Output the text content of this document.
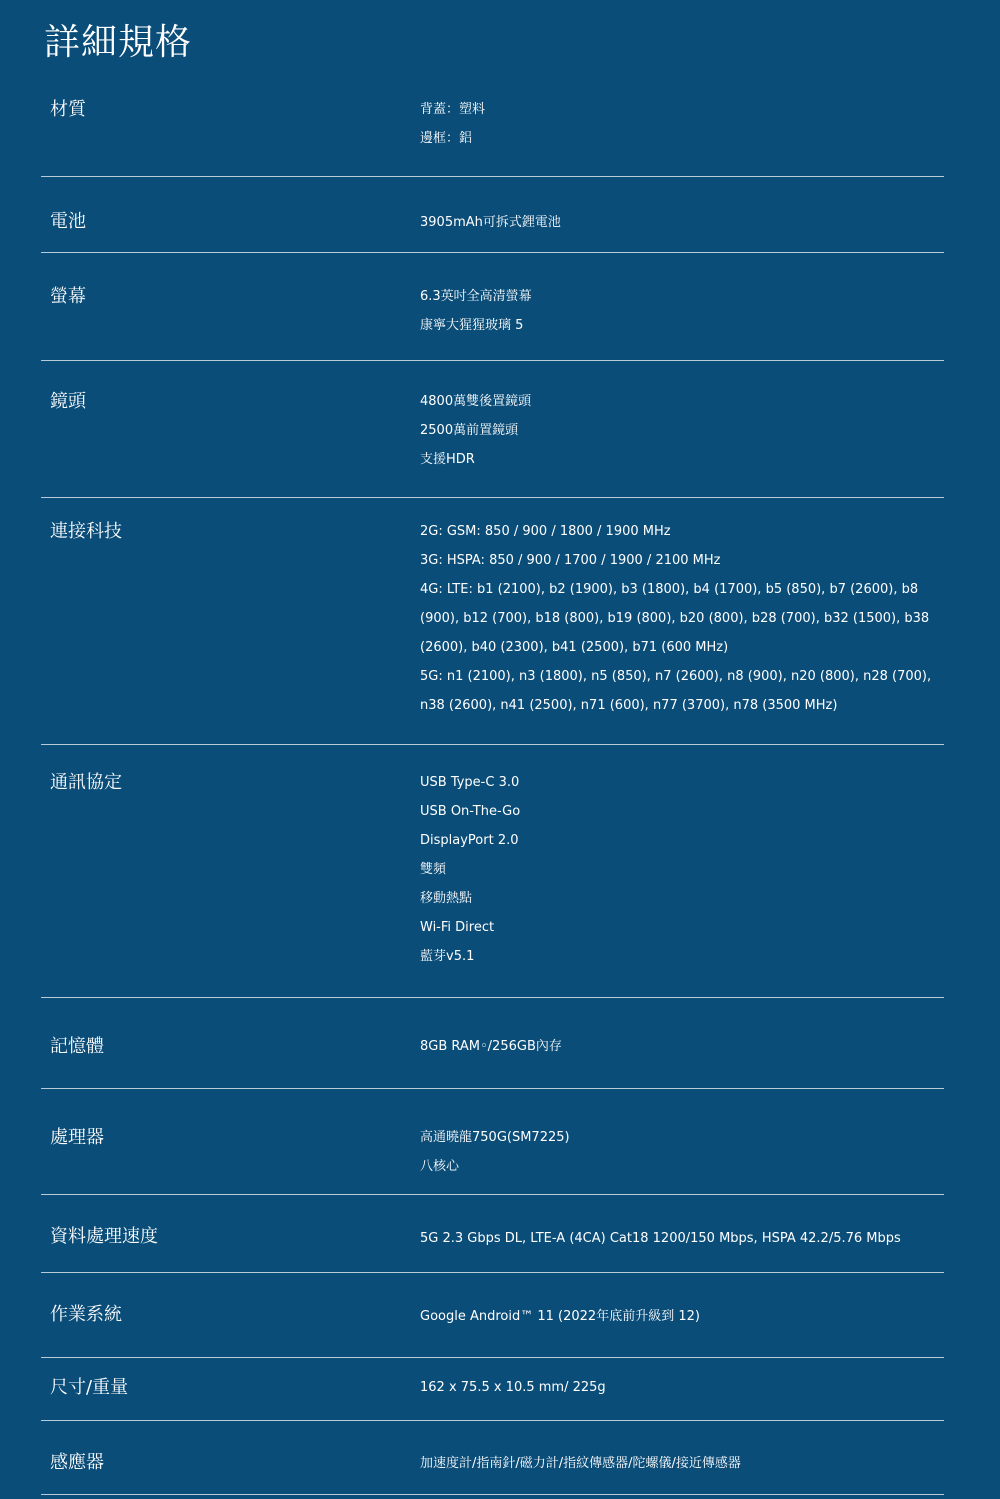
詳細規格
材質	背蓋：塑料
邊框：鋁
電池	3905mAh可拆式鋰電池
螢幕	6.3英吋全高清螢幕
康寧大猩猩玻璃 5
鏡頭	4800萬雙後置鏡頭
2500萬前置鏡頭
支援HDR
連接科技	2G: GSM: 850 / 900 / 1800 / 1900 MHz
3G: HSPA: 850 / 900 / 1700 / 1900 / 2100 MHz
4G: LTE: b1 (2100), b2 (1900), b3 (1800), b4 (1700), b5 (850), b7 (2600), b8 (900), b12 (700), b18 (800), b19 (800), b20 (800), b28 (700), b32 (1500), b38 (2600), b40 (2300), b41 (2500), b71 (600 MHz)
5G: n1 (2100), n3 (1800), n5 (850), n7 (2600), n8 (900), n20 (800), n28 (700), n38 (2600), n41 (2500), n71 (600), n77 (3700), n78 (3500 MHz)
通訊協定	USB Type-C 3.0
USB On-The-Go
DisplayPort 2.0
雙頻
移動熱點
Wi-Fi Direct
藍芽v5.1
記憶體	8GB RAM◦/256GB內存
處理器	高通曉龍750G(SM7225)
八核心
資料處理速度	5G 2.3 Gbps DL, LTE-A (4CA) Cat18 1200/150 Mbps, HSPA 42.2/5.76 Mbps
作業系統	Google Android™ 11 (2022年底前升級到 12)
尺寸/重量	162 x 75.5 x 10.5 mm/ 225g
感應器	加速度計/指南針/磁力計/指紋傳感器/陀螺儀/接近傳感器
